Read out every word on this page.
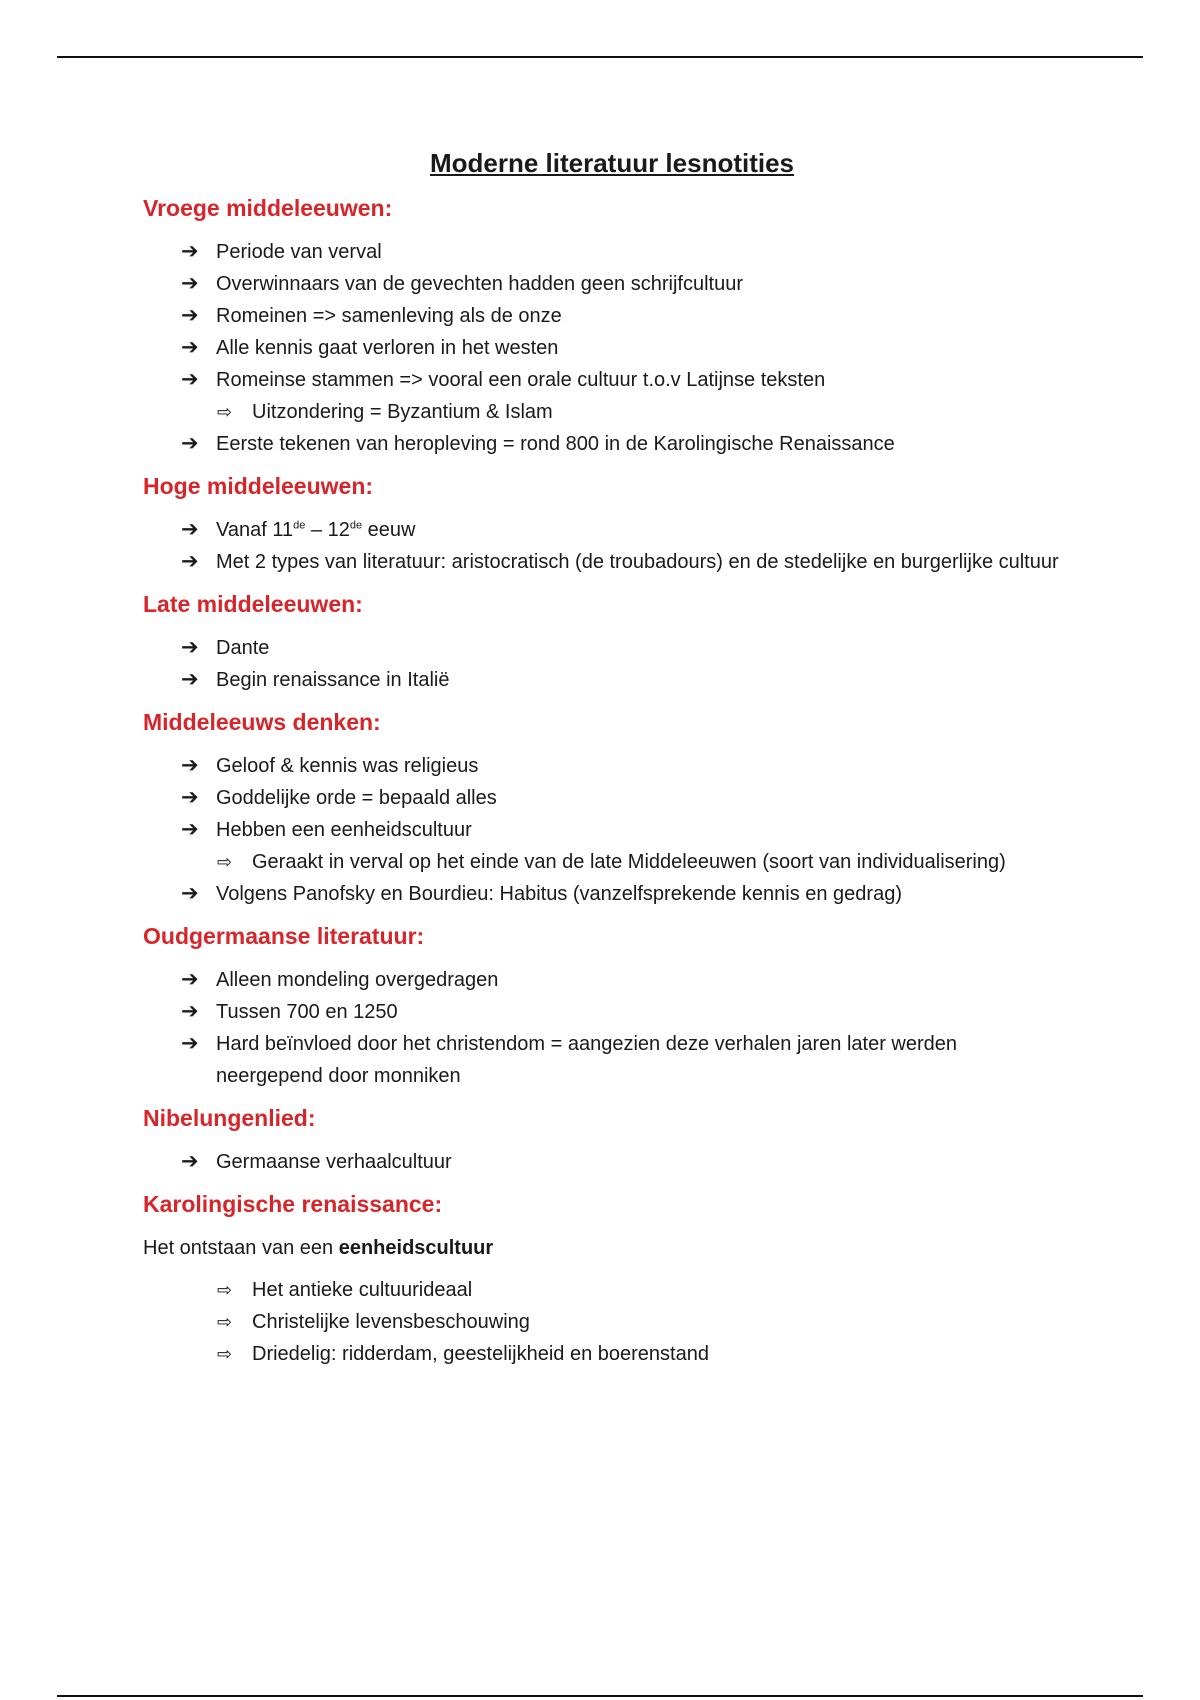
Moderne literatuur lesnotities
Vroege middeleeuwen:
➔ Periode van verval
➔ Overwinnaars van de gevechten hadden geen schrijfcultuur
➔ Romeinen => samenleving als de onze
➔ Alle kennis gaat verloren in het westen
➔ Romeinse stammen => vooral een orale cultuur t.o.v Latijnse teksten
⇨ Uitzondering = Byzantium & Islam
➔ Eerste tekenen van heropleving = rond 800 in de Karolingische Renaissance
Hoge middeleeuwen:
➔ Vanaf 11de – 12de eeuw
➔ Met 2 types van literatuur: aristocratisch (de troubadours) en de stedelijke en burgerlijke cultuur
Late middeleeuwen:
➔ Dante
➔ Begin renaissance in Italië
Middeleeuws denken:
➔ Geloof & kennis was religieus
➔ Goddelijke orde = bepaald alles
➔ Hebben een eenheidscultuur
⇨ Geraakt in verval op het einde van de late Middeleeuwen (soort van individualisering)
➔ Volgens Panofsky en Bourdieu: Habitus (vanzelfsprekende kennis en gedrag)
Oudgermaanse literatuur:
➔ Alleen mondeling overgedragen
➔ Tussen 700 en 1250
➔ Hard beïnvloed door het christendom = aangezien deze verhalen jaren later werden neergepend door monniken
Nibelungenlied:
➔ Germaanse verhaalcultuur
Karolingische renaissance:

Het ontstaan van een eenheidscultuur

⇨ Het antieke cultuurideaal
⇨ Christelijke levensbeschouwing
⇨ Driedelig: ridderdam, geestelijkheid en boerenstand
